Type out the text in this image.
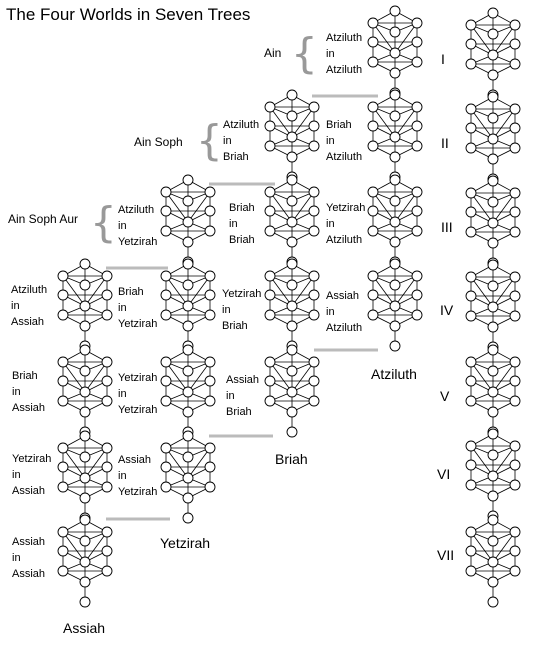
The Four Worlds in Seven Trees
Ain {
Ain Soph {
Ain Soph Aur {
Atziluth
in
Atziluth
Briah
in
Atziluth
Yetzirah
in
Atziluth
Assiah
in
Atziluth
Atziluth
Atziluth
in
Briah
Briah
in
Briah
Yetzirah
in
Briah
Assiah
in
Briah
Briah
Atziluth
in
Yetzirah
Briah
in
Yetzirah
Yetzirah
in
Yetzirah
Assiah
in
Yetzirah
Yetzirah
Atziluth
in
Assiah
Briah
in
Assiah
Yetzirah
in
Assiah
Assiah
in
Assiah
Assiah
I
II
III
IV
V
VI
VII
